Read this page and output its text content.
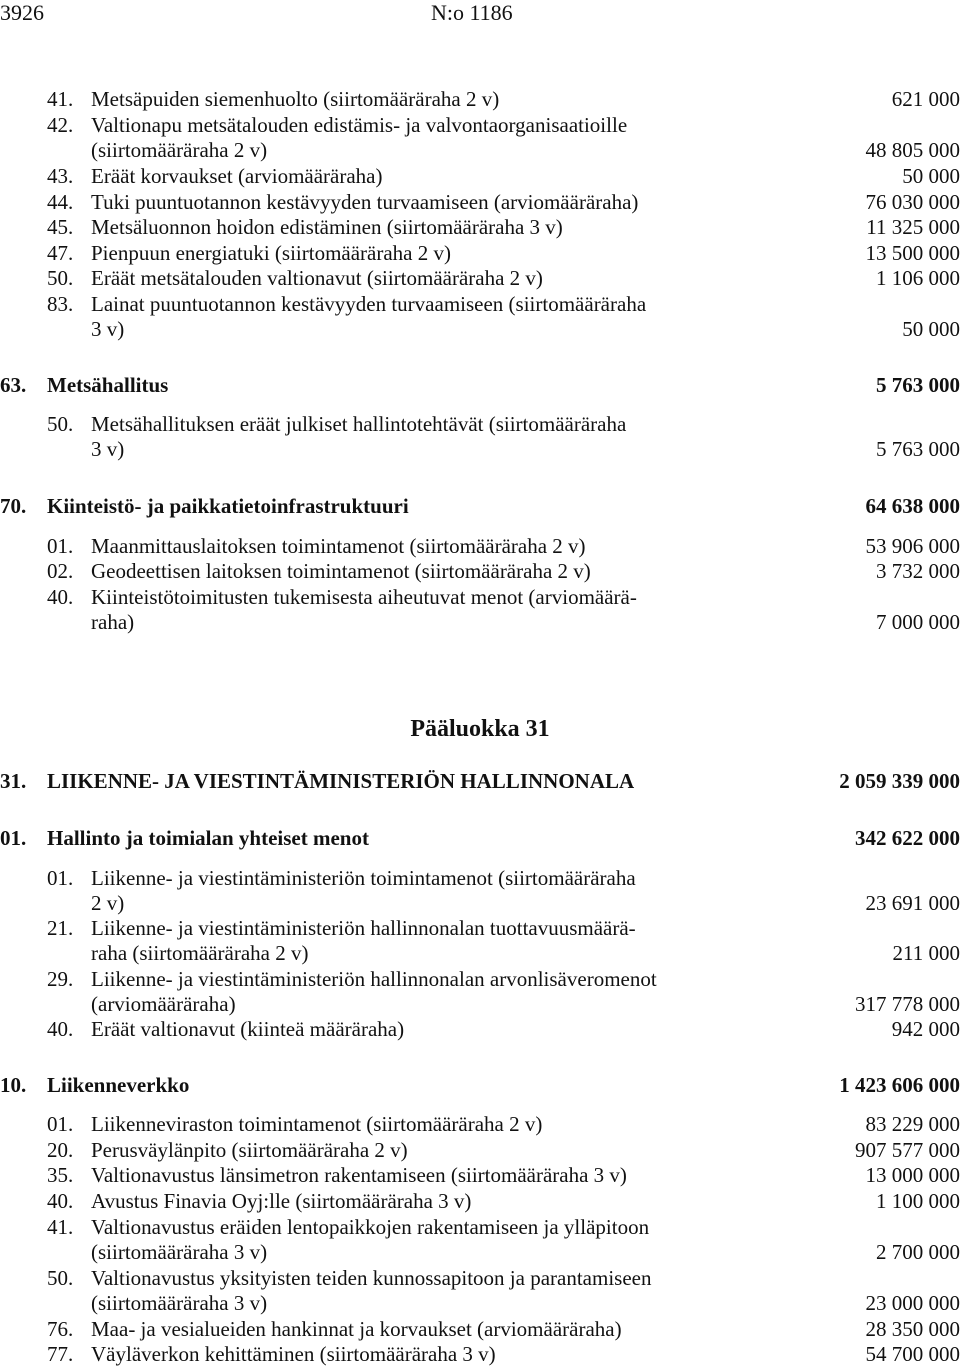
3926	N:o 1186
41. Metsäpuiden siemenhuolto (siirtomääräraha 2 v)	621 000
42. Valtionapu metsätalouden edistämis- ja valvontaorganisaatioille
(siirtomääräraha 2 v)	48 805 000
43. Eräät korvaukset (arviomääräraha)	50 000
44. Tuki puuntuotannon kestävyyden turvaamiseen (arviomääräraha)	76 030 000
45. Metsäluonnon hoidon edistäminen (siirtomääräraha 3 v)	11 325 000
47. Pienpuun energiatuki (siirtomääräraha 2 v)	13 500 000
50. Eräät metsätalouden valtionavut (siirtomääräraha 2 v)	1 106 000
83. Lainat puuntuotannon kestävyyden turvaamiseen (siirtomääräraha
3 v)	50 000
63. Metsähallitus	5 763 000
50. Metsähallituksen eräät julkiset hallintotehtävät (siirtomääräraha
3 v)	5 763 000
70. Kiinteistö- ja paikkatietoinfrastruktuuri	64 638 000
01. Maanmittauslaitoksen toimintamenot (siirtomääräraha 2 v)	53 906 000
02. Geodeettisen laitoksen toimintamenot (siirtomääräraha 2 v)	3 732 000
40. Kiinteistötoimitusten tukemisesta aiheutuvat menot (arviomäärä-
raha)	7 000 000
Pääluokka 31
31. LIIKENNE- JA VIESTINTÄMINISTERIÖN HALLINNONALA	2 059 339 000
01. Hallinto ja toimialan yhteiset menot	342 622 000
01. Liikenne- ja viestintäministeriön toimintamenot (siirtomääräraha
2 v)	23 691 000
21. Liikenne- ja viestintäministeriön hallinnonalan tuottavuusmäärä-
raha (siirtomääräraha 2 v)	211 000
29. Liikenne- ja viestintäministeriön hallinnonalan arvonlisäveromenot
(arviomääräraha)	317 778 000
40. Eräät valtionavut (kiinteä määräraha)	942 000
10. Liikenneverkko	1 423 606 000
01. Liikenneviraston toimintamenot (siirtomääräraha 2 v)	83 229 000
20. Perusväylänpito (siirtomääräraha 2 v)	907 577 000
35. Valtionavustus länsimetron rakentamiseen (siirtomääräraha 3 v)	13 000 000
40. Avustus Finavia Oyj:lle (siirtomääräraha 3 v)	1 100 000
41. Valtionavustus eräiden lentopaikkojen rakentamiseen ja ylläpitoon
(siirtomääräraha 3 v)	2 700 000
50. Valtionavustus yksityisten teiden kunnossapitoon ja parantamiseen
(siirtomääräraha 3 v)	23 000 000
76. Maa- ja vesialueiden hankinnat ja korvaukset (arviomääräraha)	28 350 000
77. Väyläverkon kehittäminen (siirtomääräraha 3 v)	54 700 000
